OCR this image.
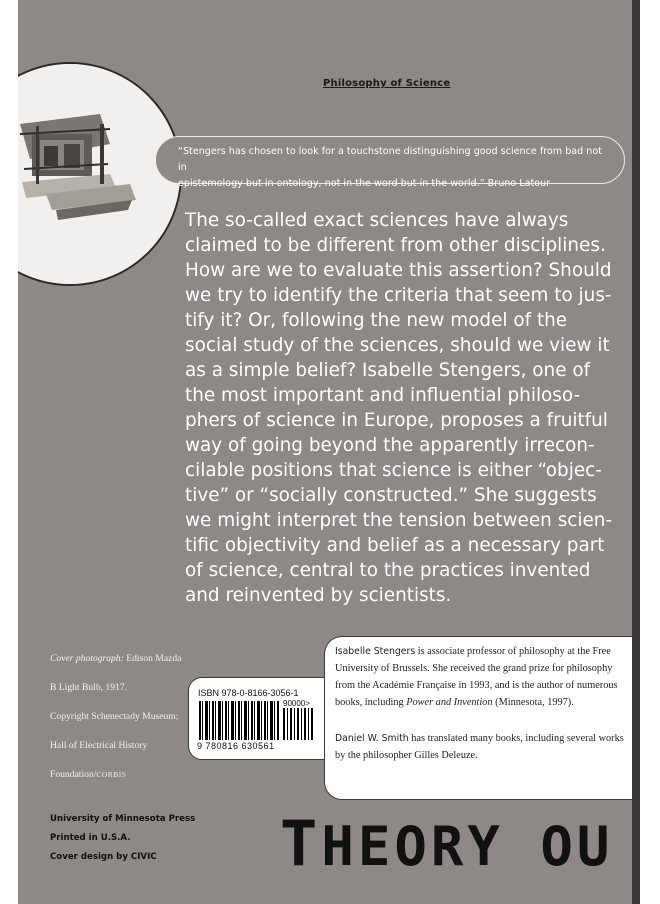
Philosophy of Science
“Stengers has chosen to look for a touchstone distinguishing good science from bad not in
epistemology but in ontology, not in the word but in the world.” Bruno Latour
The so-called exact sciences have always
claimed to be different from other disciplines.
How are we to evaluate this assertion? Should
we try to identify the criteria that seem to jus-
tify it? Or, following the new model of the
social study of the sciences, should we view it
as a simple belief? Isabelle Stengers, one of
the most important and influential philoso-
phers of science in Europe, proposes a fruitful
way of going beyond the apparently irrecon-
cilable positions that science is either “objec-
tive” or “socially constructed.” She suggests
we might interpret the tension between scien-
tific objectivity and belief as a necessary part
of science, central to the practices invented
and reinvented by scientists.
Cover photograph: Edison Mazda
B Light Bulb, 1917.
Copyright Schenectady Museum;
Hall of Electrical History
Foundation/CORBIS

Isabelle Stengers is associate professor of philosophy at the Free University of Brussels. She received the grand prize for philosophy from the Académie Française in 1993, and is the author of numerous books, including Power and Invention (Minnesota, 1997).

Daniel W. Smith has translated many books, including several works by the philosopher Gilles Deleuze.

ISBN 978-0-8166-3056-1
90000>
9 780816 630561
University of Minnesota Press
Printed in U.S.A.
Cover design by CIVIC	THEORY OU
